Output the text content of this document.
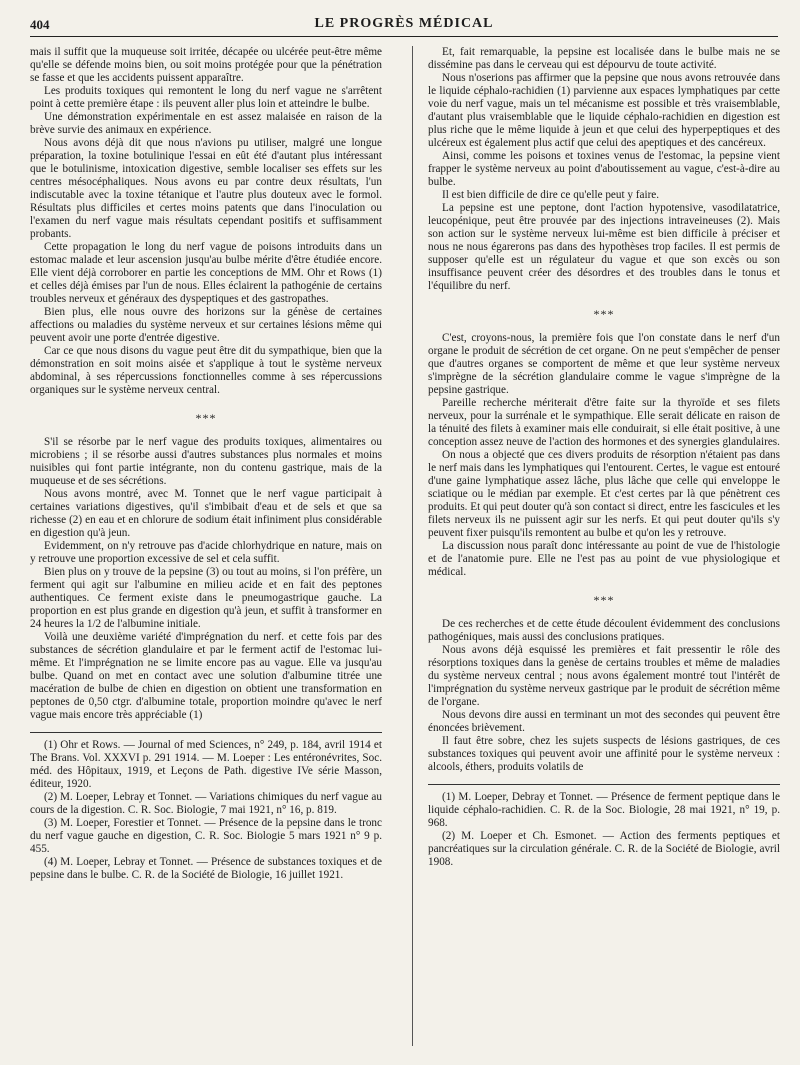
404	LE PROGRÈS MÉDICAL

mais il suffit que la muqueuse soit irritée, décapée ou ulcérée peut-être même qu'elle se défende moins bien, ou soit moins protégée pour que la pénétration se fasse et que les accidents puissent apparaître.

Les produits toxiques qui remontent le long du nerf vague ne s'arrêtent point à cette première étape : ils peuvent aller plus loin et atteindre le bulbe.

Une démonstration expérimentale en est assez malaisée en raison de la brève survie des animaux en expérience.

Nous avons déjà dit que nous n'avions pu utiliser, malgré une longue préparation, la toxine botulinique l'essai en eût été d'autant plus intéressant que le botulinisme, intoxication digestive, semble localiser ses effets sur les centres mésocéphaliques. Nous avons eu par contre deux résultats, l'un indiscutable avec la toxine tétanique et l'autre plus douteux avec le formol. Résultats plus difficiles et certes moins patents que dans l'inoculation ou l'examen du nerf vague mais résultats cependant positifs et suffisamment probants.

Cette propagation le long du nerf vague de poisons introduits dans un estomac malade et leur ascension jusqu'au bulbe mérite d'être étudiée encore. Elle vient déjà corroborer en partie les conceptions de MM. Ohr et Rows (1) et celles déjà émises par l'un de nous. Elles éclairent la pathogénie de certains troubles nerveux et généraux des dyspeptiques et des gastropathes.

Bien plus, elle nous ouvre des horizons sur la génèse de certaines affections ou maladies du système nerveux et sur certaines lésions même qui peuvent avoir une porte d'entrée digestive.

Car ce que nous disons du vague peut être dit du sympathique, bien que la démonstration en soit moins aisée et s'applique à tout le système nerveux abdominal, à ses répercussions fonctionnelles comme à ses répercussions organiques sur le système nerveux central.

***

S'il se résorbe par le nerf vague des produits toxiques, alimentaires ou microbiens ; il se résorbe aussi d'autres substances plus normales et moins nuisibles qui font partie intégrante, non du contenu gastrique, mais de la muqueuse et de ses sécrétions.

Nous avons montré, avec M. Tonnet que le nerf vague participait à certaines variations digestives, qu'il s'imbibait d'eau et de sels et que sa richesse (2) en eau et en chlorure de sodium était infiniment plus considérable en digestion qu'à jeun.

Evidemment, on n'y retrouve pas d'acide chlorhydrique en nature, mais on y retrouve une proportion excessive de sel et cela suffit.

Bien plus on y trouve de la pepsine (3) ou tout au moins, si l'on préfère, un ferment qui agit sur l'albumine en milieu acide et en fait des peptones authentiques. Ce ferment existe dans le pneumogastrique gauche. La proportion en est plus grande en digestion qu'à jeun, et suffit à transformer en 24 heures la 1/2 de l'albumine initiale.

Voilà une deuxième variété d'imprégnation du nerf. et cette fois par des substances de sécrétion glandulaire et par le ferment actif de l'estomac lui-même. Et l'imprégnation ne se limite encore pas au vague. Elle va jusqu'au bulbe. Quand on met en contact avec une solution d'albumine titrée une macération de bulbe de chien en digestion on obtient une transformation en peptones de 0,50 ctgr. d'albumine totale, proportion moindre qu'avec le nerf vague mais encore très appréciable (1)

(1) Ohr et Rows. — Journal of med Sciences, n° 249, p. 184, avril 1914 et The Brans. Vol. XXXVI p. 291 1914. — M. Loeper : Les entéronévrites, Soc. méd. des Hôpitaux, 1919, et Leçons de Path. digestive IVe série Masson, éditeur, 1920.

(2) M. Loeper, Lebray et Tonnet. — Variations chimiques du nerf vague au cours de la digestion. C. R. Soc. Biologie, 7 mai 1921, n° 16, p. 819.

(3) M. Loeper, Forestier et Tonnet. — Présence de la pepsine dans le tronc du nerf vague gauche en digestion, C. R. Soc. Biologie 5 mars 1921 n° 9 p. 455.

(4) M. Loeper, Lebray et Tonnet. — Présence de substances toxiques et de pepsine dans le bulbe. C. R. de la Société de Biologie, 16 juillet 1921.

Et, fait remarquable, la pepsine est localisée dans le bulbe mais ne se dissémine pas dans le cerveau qui est dépourvu de toute activité.

Nous n'oserions pas affirmer que la pepsine que nous avons retrouvée dans le liquide céphalo-rachidien (1) parvienne aux espaces lymphatiques par cette voie du nerf vague, mais un tel mécanisme est possible et très vraisemblable, d'autant plus vraisemblable que le liquide céphalo-rachidien en digestion est plus riche que le même liquide à jeun et que celui des hyperpeptiques et des ulcéreux est également plus actif que celui des apeptiques et des cancéreux.

Ainsi, comme les poisons et toxines venus de l'estomac, la pepsine vient frapper le système nerveux au point d'aboutissement au vague, c'est-à-dire au bulbe.

Il est bien difficile de dire ce qu'elle peut y faire.

La pepsine est une peptone, dont l'action hypotensive, vasodilatatrice, leucopénique, peut être prouvée par des injections intraveineuses (2). Mais son action sur le système nerveux lui-même est bien difficile à préciser et nous ne nous égarerons pas dans des hypothèses trop faciles. Il est permis de supposer qu'elle est un régulateur du vague et que son excès ou son insuffisance peuvent créer des désordres et des troubles dans le tonus et l'équilibre du nerf.

***

C'est, croyons-nous, la première fois que l'on constate dans le nerf d'un organe le produit de sécrétion de cet organe. On ne peut s'empêcher de penser que d'autres organes se comportent de même et que leur système nerveux s'imprègne de la sécrétion glandulaire comme le vague s'imprègne de la pepsine gastrique.

Pareille recherche mériterait d'être faite sur la thyroïde et ses filets nerveux, pour la surrénale et le sympathique. Elle serait délicate en raison de la ténuité des filets à examiner mais elle conduirait, si elle était positive, à une conception assez neuve de l'action des hormones et des synergies glandulaires.

On nous a objecté que ces divers produits de résorption n'étaient pas dans le nerf mais dans les lymphatiques qui l'entourent. Certes, le vague est entouré d'une gaine lymphatique assez lâche, plus lâche que celle qui enveloppe le sciatique ou le médian par exemple. Et c'est certes par là que pénètrent ces produits. Et qui peut douter qu'à son contact si direct, entre les fascicules et les filets nerveux ils ne puissent agir sur les nerfs. Et qui peut douter qu'ils s'y peuvent fixer puisqu'ils remontent au bulbe et qu'on les y retrouve.

La discussion nous paraît donc intéressante au point de vue de l'histologie et de l'anatomie pure. Elle ne l'est pas au point de vue physiologique et médical.

***

De ces recherches et de cette étude découlent évidemment des conclusions pathogéniques, mais aussi des conclusions pratiques.

Nous avons déjà esquissé les premières et fait pressentir le rôle des résorptions toxiques dans la genèse de certains troubles et même de maladies du système nerveux central ; nous avons également montré tout l'intérêt de l'imprégnation du système nerveux gastrique par le produit de sécrétion même de l'organe.

Nous devons dire aussi en terminant un mot des secondes qui peuvent être énoncées brièvement.

Il faut être sobre, chez les sujets suspects de lésions gastriques, de ces substances toxiques qui peuvent avoir une affinité pour le système nerveux : alcools, éthers, produits volatils de

(1) M. Loeper, Debray et Tonnet. — Présence de ferment peptique dans le liquide céphalo-rachidien. C. R. de la Soc. Biologie, 28 mai 1921, n° 19, p. 968.

(2) M. Loeper et Ch. Esmonet. — Action des ferments peptiques et pancréatiques sur la circulation générale. C. R. de la Société de Biologie, avril 1908.
